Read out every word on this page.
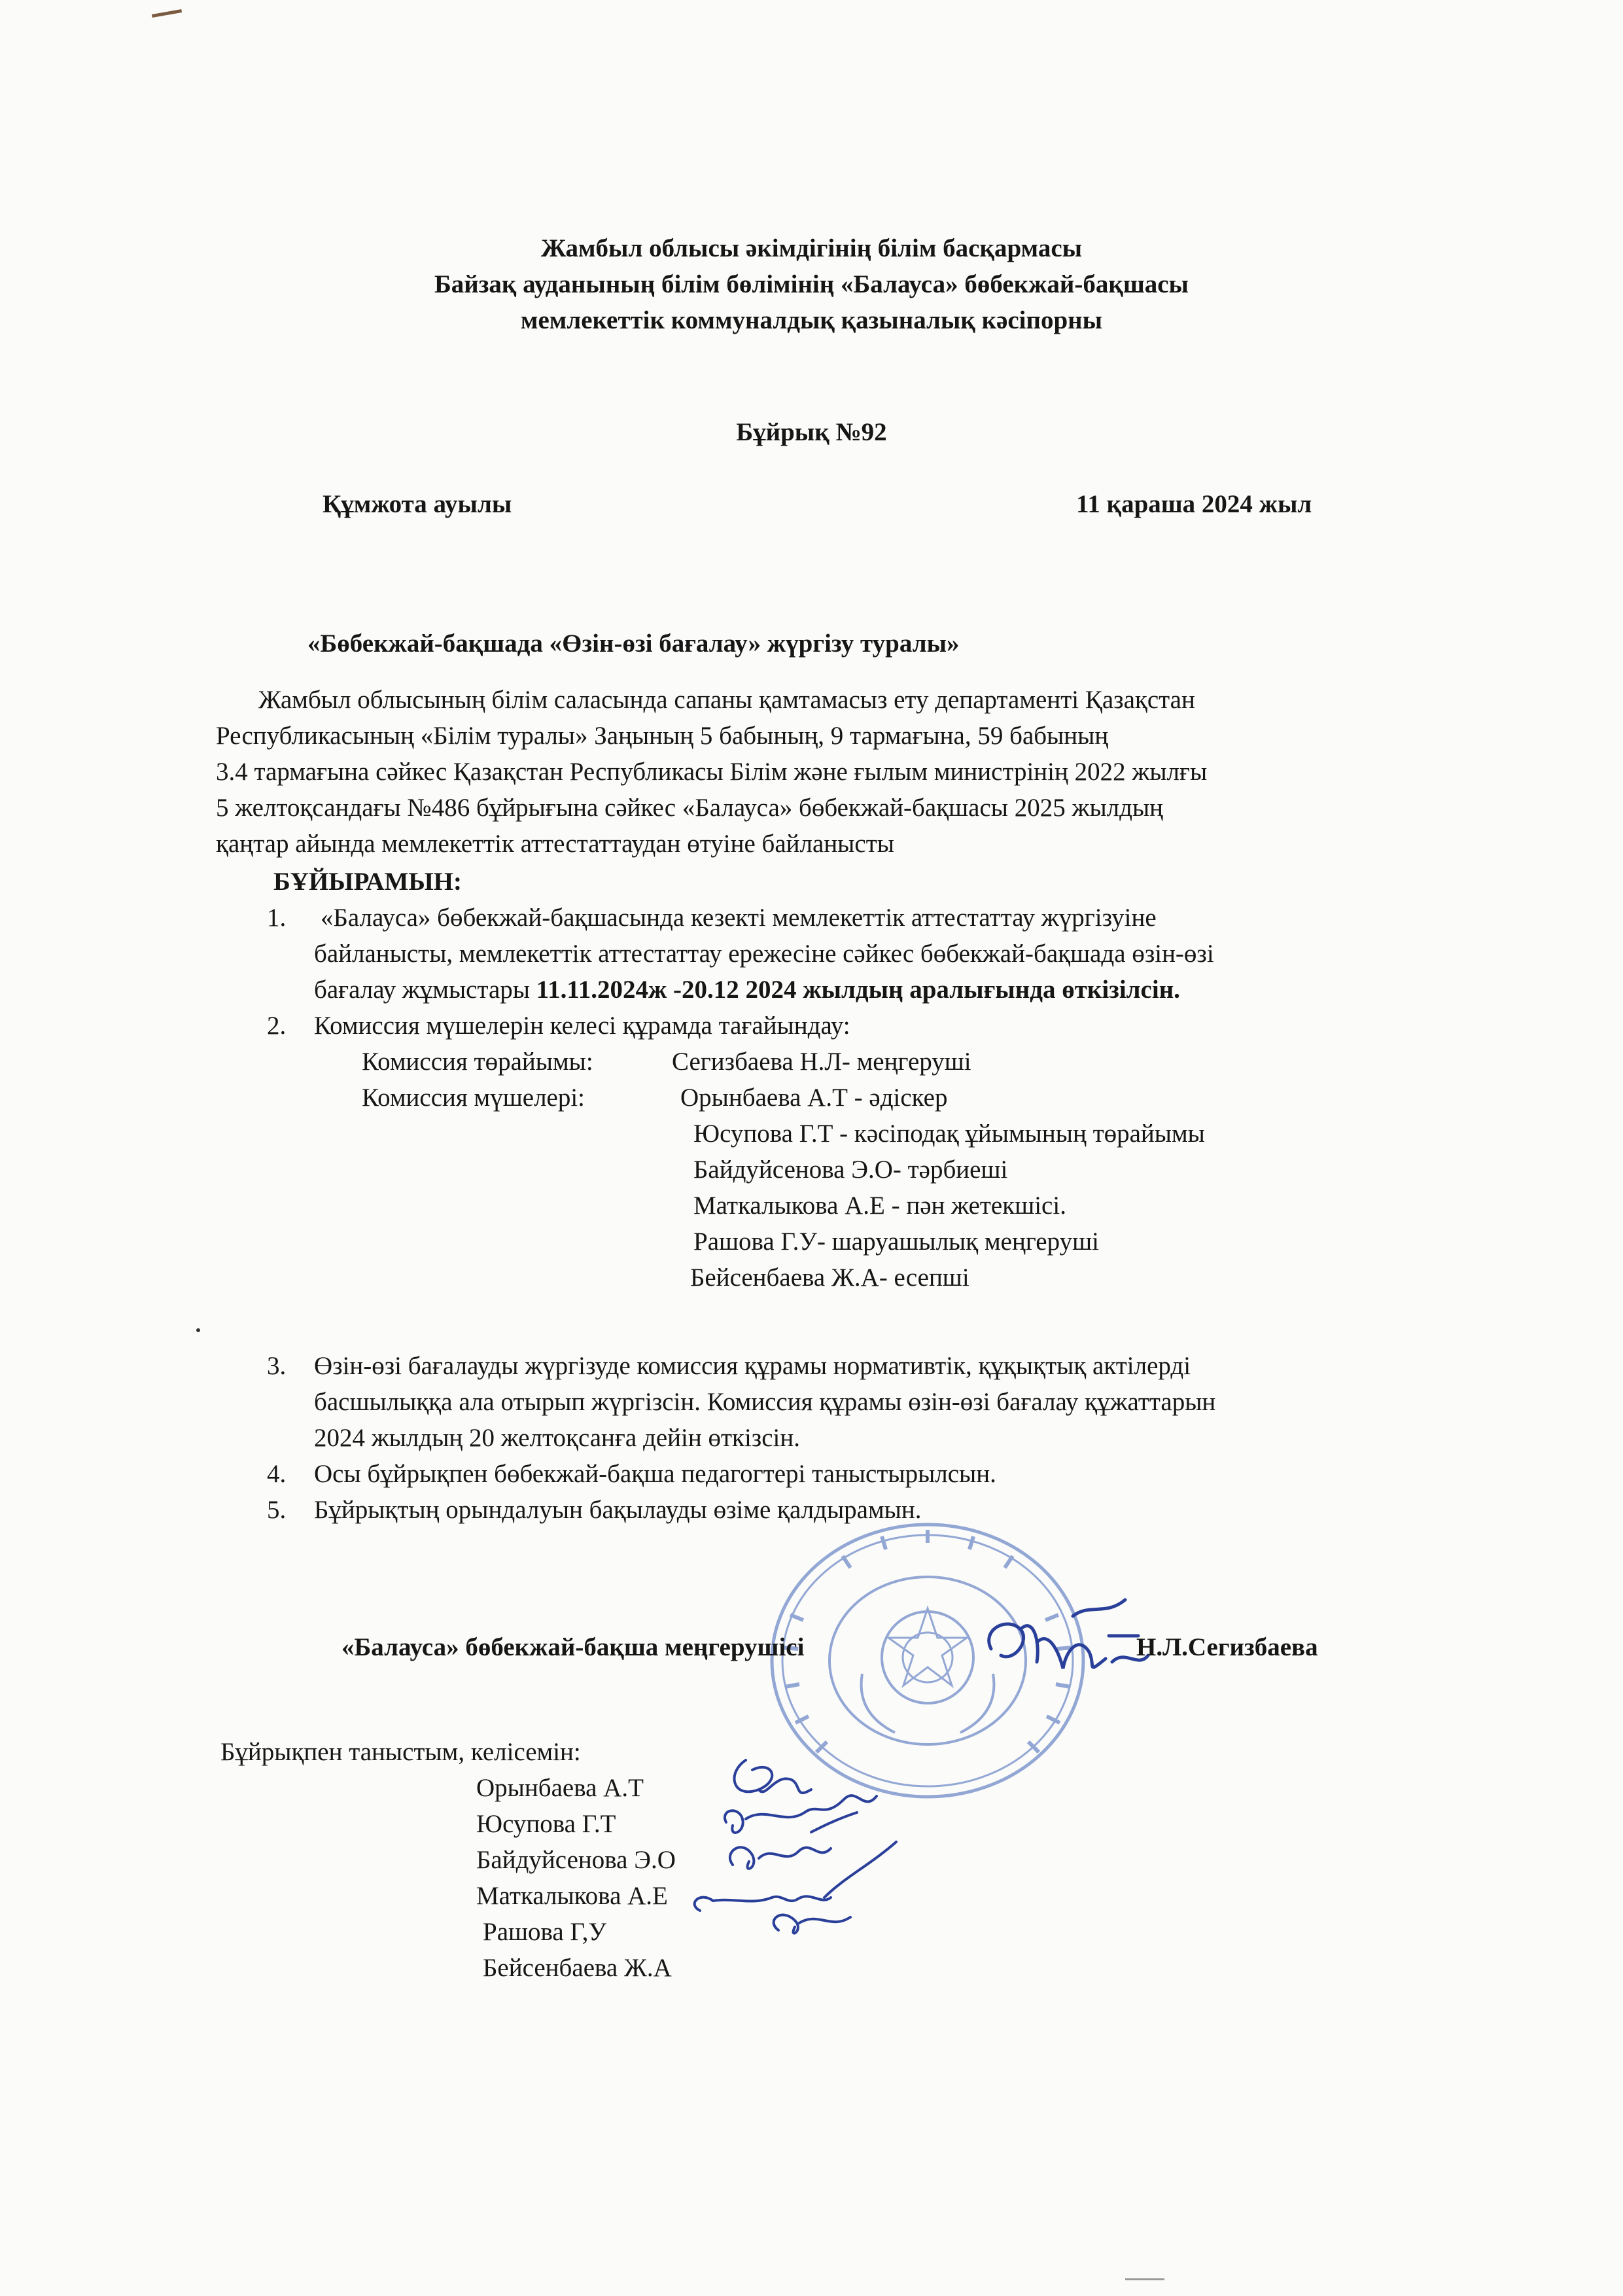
Жамбыл облысы әкімдігінің білім басқармасы
Байзақ ауданының білім бөлімінің «Балауса» бөбекжай-бақшасы
мемлекеттік коммуналдық қазыналық кәсіпорны
Бұйрық №92
Құмжота ауылы	11 қараша 2024 жыл
«Бөбекжай-бақшада «Өзін-өзі бағалау» жүргізу туралы»
Жамбыл облысының білім саласында сапаны қамтамасыз ету департаменті Қазақстан
Республикасының «Білім туралы» Заңының 5 бабының, 9 тармағына, 59 бабының
3.4 тармағына сәйкес Қазақстан Республикасы Білім және ғылым министрінің 2022 жылғы
5 желтоқсандағы №486 бұйрығына сәйкес «Балауса» бөбекжай-бақшасы 2025 жылдың
қаңтар айында мемлекеттік аттестаттаудан өтуіне байланысты
БҰЙЫРАМЫН:
1. «Балауса» бөбекжай-бақшасында кезекті мемлекеттік аттестаттау жүргізуіне
байланысты, мемлекеттік аттестаттау ережесіне сәйкес бөбекжай-бақшада өзін-өзі
бағалау жұмыстары 11.11.2024ж -20.12 2024 жылдың аралығында өткізілсін.
2. Комиссия мүшелерін келесі құрамда тағайындау:
Комиссия төрайымы:	Сегизбаева Н.Л- меңгеруші
Комиссия мүшелері:	Орынбаева А.Т - әдіскер
Юсупова Г.Т - кәсіподақ ұйымының төрайымы
Байдуйсенова Э.О- тәрбиеші
Маткалыкова А.Е - пән жетекшісі.
Рашова Г.У- шаруашылық меңгеруші
Бейсенбаева Ж.А- есепші
3. Өзін-өзі бағалауды жүргізуде комиссия құрамы нормативтік, құқықтық актілерді
басшылыққа ала отырып жүргізсін. Комиссия құрамы өзін-өзі бағалау құжаттарын
2024 жылдың 20 желтоқсанға дейін өткізсін.
4. Осы бұйрықпен бөбекжай-бақша педагогтері таныстырылсын.
5. Бұйрықтың орындалуын бақылауды өзіме қалдырамын.
«Балауса» бөбекжай-бақша меңгерушісі	Н.Л.Сегизбаева
Бұйрықпен таныстым, келісемін:
Орынбаева А.Т
Юсупова Г.Т
Байдуйсенова Э.О
Маткалыкова А.Е
Рашова Г,У
Бейсенбаева Ж.А
